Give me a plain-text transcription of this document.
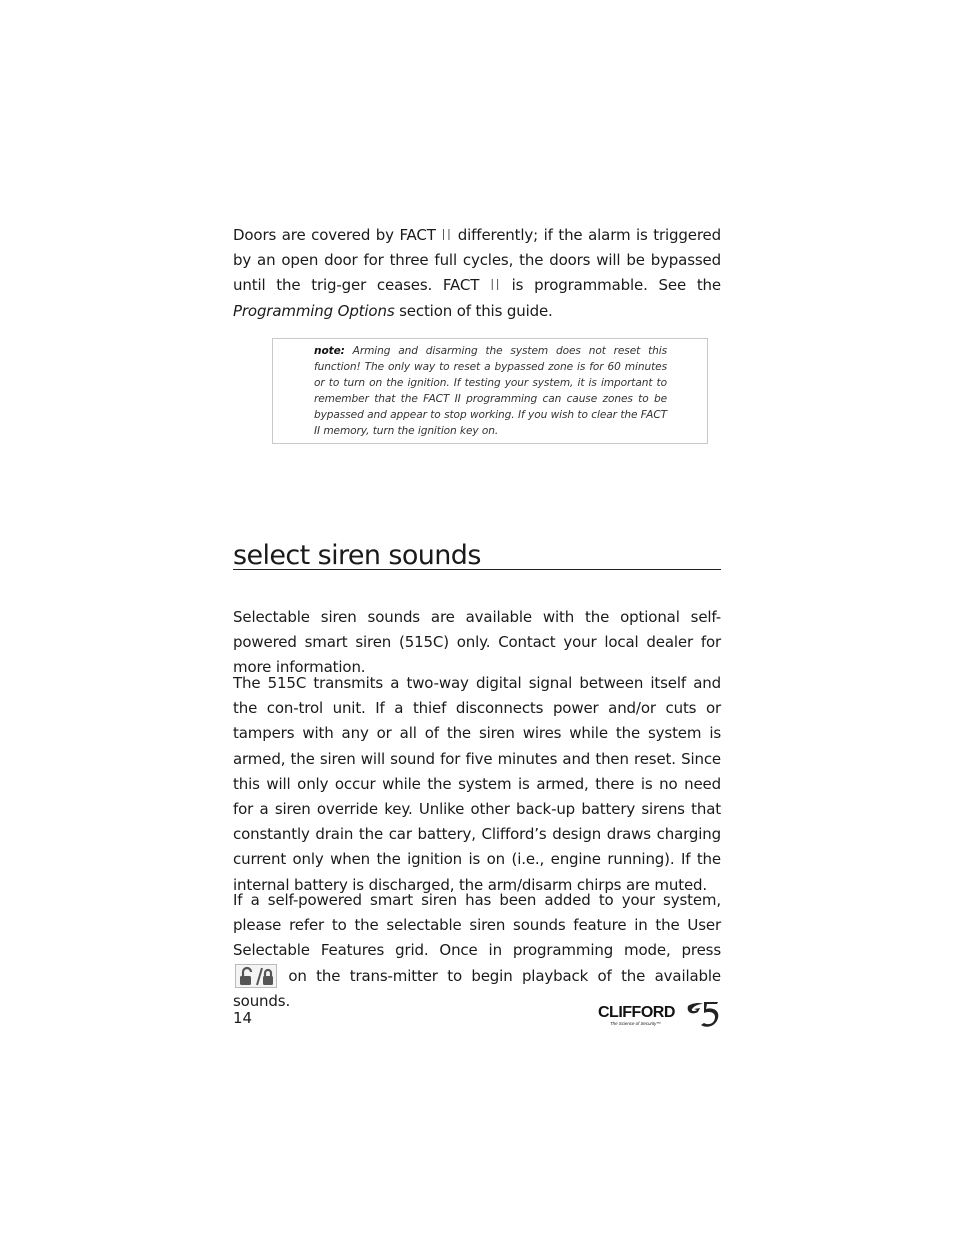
Doors are covered by FACT II differently; if the alarm is triggered by an open door for three full cycles, the doors will be bypassed until the trig-ger ceases. FACT II is programmable. See the Programming Options section of this guide.

note: Arming and disarming the system does not reset this function! The only way to reset a bypassed zone is for 60 minutes or to turn on the ignition. If testing your system, it is important to remember that the FACT II programming can cause zones to be bypassed and appear to stop working. If you wish to clear the FACT II memory, turn the ignition key on.

select siren sounds

Selectable siren sounds are available with the optional self-powered smart siren (515C) only. Contact your local dealer for more information.

The 515C transmits a two-way digital signal between itself and the con-trol unit. If a thief disconnects power and/or cuts or tampers with any or all of the siren wires while the system is armed, the siren will sound for five minutes and then reset. Since this will only occur while the system is armed, there is no need for a siren override key. Unlike other back-up battery sirens that constantly drain the car battery, Clifford’s design draws charging current only when the ignition is on (i.e., engine running). If the internal battery is discharged, the arm/disarm chirps are muted.

If a self-powered smart siren has been added to your system, please refer to the selectable siren sounds feature in the User Selectable Features grid. Once in programming mode, press  on the trans-mitter to begin playback of the available sounds.

14	CLIFFORD
The Science of Security™
